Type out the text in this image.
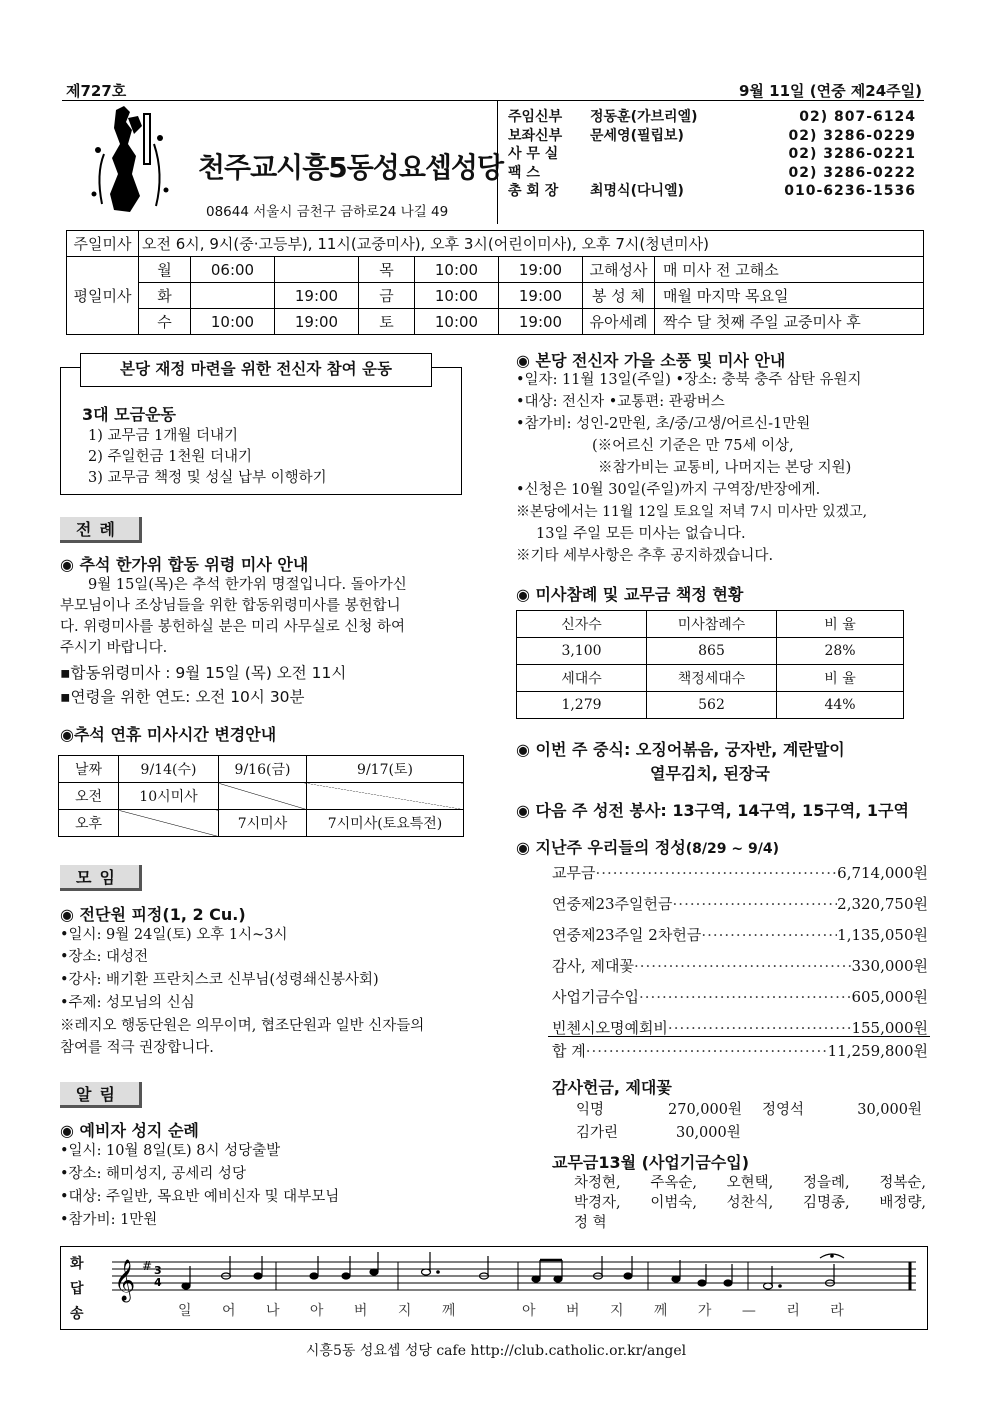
제727호	9월 11일 (연중 제24주일)
천주교시흥5동성요셉성당
08644 서울시 금천구 금하로24 나길 49
주임신부	정동훈(가브리엘)	02) 807-6124
보좌신부	문세영(필립보)	02) 3286-0229
사 무 실	02) 3286-0221
팩 스	02) 3286-0222
총 회 장	최명식(다니엘)	010-6236-1536
주일미사	오전 6시, 9시(중·고등부), 11시(교중미사), 오후 3시(어린이미사), 오후 7시(청년미사)							
평일미사	월	06:00		목	10:00	19:00	고해성사	매 미사 전 고해소
	화		19:00	금	10:00	19:00	봉 성 체	매월 마지막 목요일
	수	10:00	19:00	토	10:00	19:00	유아세례	짝수 달 첫째 주일 교중미사 후
본당 재정 마련을 위한 전신자 참여 운동
3대 모금운동
1) 교무금 1개월 더내기
2) 주일헌금 1천원 더내기
3) 교무금 책정 및 성실 납부 이행하기
전례
◉ 추석 한가위 합동 위령 미사 안내
9월 15일(목)은 추석 한가위 명절입니다. 돌아가신
부모님이나 조상님들을 위한 합동위령미사를 봉헌합니
다. 위령미사를 봉헌하실 분은 미리 사무실로 신청 하여
주시기 바랍니다.
▪합동위령미사 : 9월 15일 (목) 오전 11시
▪연령을 위한 연도: 오전 10시 30분
◉추석 연휴 미사시간 변경안내
날짜	9/14(수)	9/16(금)	9/17(토)
오전	10시미사		
오후		7시미사	7시미사(토요특전)
모임
◉ 전단원 피정(1, 2 Cu.)
•일시: 9월 24일(토) 오후 1시~3시
•장소: 대성전
•강사: 배기환 프란치스코 신부님(성령쇄신봉사회)
•주제: 성모님의 신심
※레지오 행동단원은 의무이며, 협조단원과 일반 신자들의
참여를 적극 권장합니다.
알림
◉ 예비자 성지 순례
•일시: 10월 8일(토) 8시 성당출발
•장소: 해미성지, 공세리 성당
•대상: 주일반, 목요반 예비신자 및 대부모님
•참가비: 1만원
◉ 본당 전신자 가을 소풍 및 미사 안내
•일자: 11월 13일(주일) •장소: 충북 충주 삼탄 유원지
•대상: 전신자 •교통편: 관광버스
•참가비: 성인-2만원, 초/중/고생/어르신-1만원
(※어르신 기준은 만 75세 이상,
※참가비는 교통비, 나머지는 본당 지원)
•신청은 10월 30일(주일)까지 구역장/반장에게.
※본당에서는 11월 12일 토요일 저녁 7시 미사만 있겠고,
13일 주일 모든 미사는 없습니다.
※기타 세부사항은 추후 공지하겠습니다.
◉ 미사참례 및 교무금 책정 현황
신자수	미사참례수	비 율
3,100	865	28%
세대수	책정세대수	비 율
1,279	562	44%
◉ 이번 주 중식: 오징어볶음, 궁자반, 계란말이
열무김치, 된장국
◉ 다음 주 성전 봉사: 13구역, 14구역, 15구역, 1구역
◉ 지난주 우리들의 정성(8/29 ~ 9/4)
교무금 ·····	6,714,000원
연중제23주일헌금 ·····	2,320,750원
연중제23주일 2차헌금 ·····	1,135,050원
감사, 제대꽃 ·····	330,000원
사업기금수입 ·····	605,000원
빈첸시오명예회비 ·····	155,000원
합 계 ·····	11,259,800원
감사헌금, 제대꽃
익명	270,000원 정영석	30,000원
김가린	30,000원
교무금13월 (사업기금수입)
차정현, 주옥순, 오현택, 정을례, 정복순,
박경자, 이범숙, 성찬식, 김명종, 배정량,
정 혁
화
답
송
𝄞 # 3
4
일 어 나 아 버 지 께	아 버 지 께 가 — 리 라
시흥5동 성요셉 성당 cafe http://club.catholic.or.kr/angel
